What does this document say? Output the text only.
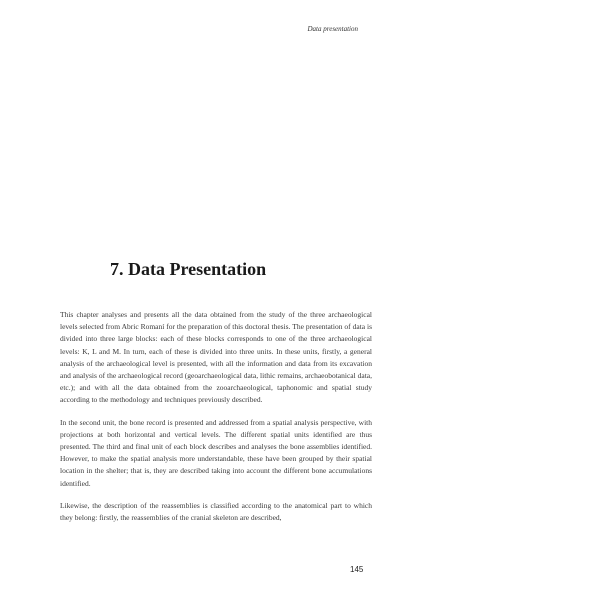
Data presentation
7. Data Presentation

This chapter analyses and presents all the data obtained from the study of the three archaeological levels selected from Abric Romaní for the preparation of this doctoral thesis. The presentation of data is divided into three large blocks: each of these blocks corresponds to one of the three archaeological levels: K, L and M. In turn, each of these is divided into three units. In these units, firstly, a general analysis of the archaeological level is presented, with all the information and data from its excavation and analysis of the archaeological record (geoarchaeological data, lithic remains, archaeobotanical data, etc.); and with all the data obtained from the zooarchaeological, taphonomic and spatial study according to the methodology and techniques previously described.

In the second unit, the bone record is presented and addressed from a spatial analysis perspective, with projections at both horizontal and vertical levels. The different spatial units identified are thus presented. The third and final unit of each block describes and analyses the bone assemblies identified. However, to make the spatial analysis more understandable, these have been grouped by their spatial location in the shelter; that is, they are described taking into account the different bone accumulations identified.

Likewise, the description of the reassemblies is classified according to the anatomical part to which they belong: firstly, the reassemblies of the cranial skeleton are described,

145
